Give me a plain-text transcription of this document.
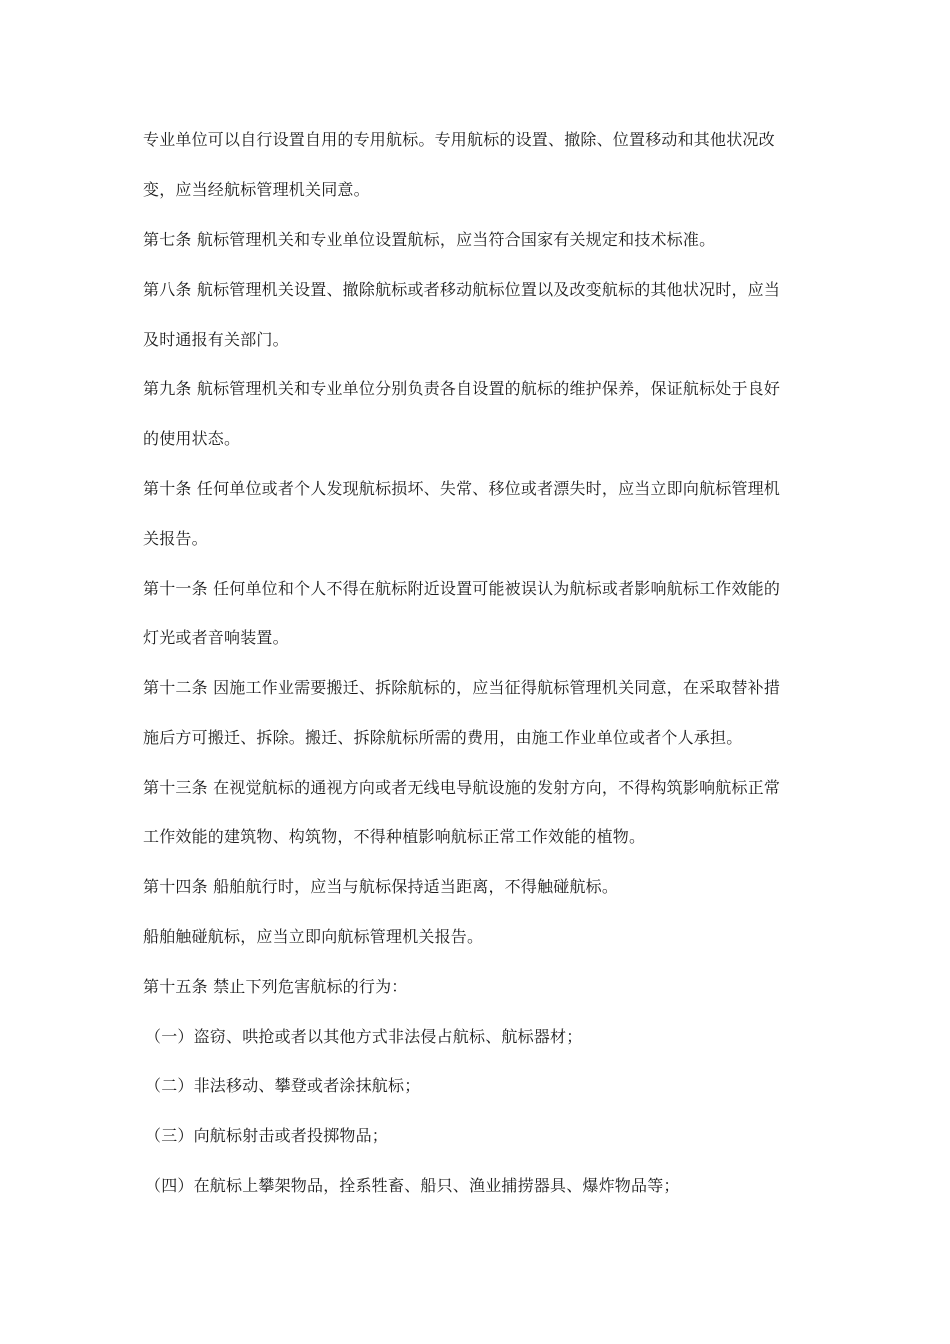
专业单位可以自行设置自用的专用航标。专用航标的设置、撤除、位置移动和其他状况改
变，应当经航标管理机关同意。
第七条 航标管理机关和专业单位设置航标，应当符合国家有关规定和技术标准。
第八条 航标管理机关设置、撤除航标或者移动航标位置以及改变航标的其他状况时，应当
及时通报有关部门。
第九条 航标管理机关和专业单位分别负责各自设置的航标的维护保养，保证航标处于良好
的使用状态。
第十条 任何单位或者个人发现航标损坏、失常、移位或者漂失时，应当立即向航标管理机
关报告。
第十一条 任何单位和个人不得在航标附近设置可能被误认为航标或者影响航标工作效能的
灯光或者音响装置。
第十二条 因施工作业需要搬迁、拆除航标的，应当征得航标管理机关同意，在采取替补措
施后方可搬迁、拆除。搬迁、拆除航标所需的费用，由施工作业单位或者个人承担。
第十三条 在视觉航标的通视方向或者无线电导航设施的发射方向，不得构筑影响航标正常
工作效能的建筑物、构筑物，不得种植影响航标正常工作效能的植物。
第十四条 船舶航行时，应当与航标保持适当距离，不得触碰航标。
船舶触碰航标，应当立即向航标管理机关报告。
第十五条 禁止下列危害航标的行为：
（一）盗窃、哄抢或者以其他方式非法侵占航标、航标器材；
（二）非法移动、攀登或者涂抹航标；
（三）向航标射击或者投掷物品；
（四）在航标上攀架物品，拴系牲畜、船只、渔业捕捞器具、爆炸物品等；
